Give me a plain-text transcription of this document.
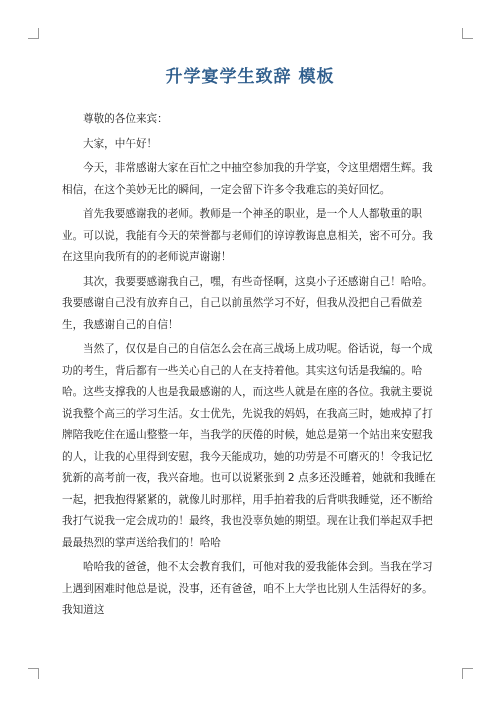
升学宴学生致辞 模板

尊敬的各位来宾：

大家，中午好！

今天，非常感谢大家在百忙之中抽空参加我的升学宴，令这里熠熠生辉。我相信，在这个美妙无比的瞬间，一定会留下许多令我难忘的美好回忆。

首先我要感谢我的老师。教师是一个神圣的职业，是一个人人都敬重的职业。可以说，我能有今天的荣誉都与老师们的谆谆教诲息息相关，密不可分。我在这里向我所有的的老师说声谢谢！

其次，我要要感谢我自己，嘿，有些奇怪啊，这臭小子还感谢自己！哈哈。我要感谢自己没有放弃自己，自己以前虽然学习不好，但我从没把自己看做差生，我感谢自己的自信！

当然了，仅仅是自己的自信怎么会在高三战场上成功呢。俗话说，每一个成功的考生，背后都有一些关心自己的人在支持着他。其实这句话是我编的。哈哈。这些支撑我的人也是我最感谢的人，而这些人就是在座的各位。我就主要说说我整个高三的学习生活。女士优先，先说我的妈妈，在我高三时，她戒掉了打牌陪我吃住在遥山整整一年，当我学的厌倦的时候，她总是第一个站出来安慰我的人，让我的心里得到安慰，我今天能成功，她的功劳是不可磨灭的！令我记忆犹新的高考前一夜，我兴奋地。也可以说紧张到 2 点多还没睡着，她就和我睡在一起，把我抱得紧紧的，就像儿时那样，用手拍着我的后背哄我睡觉，还不断给我打气说我一定会成功的！最终，我也没辜负她的期望。现在让我们举起双手把最最热烈的掌声送给我们的！哈哈

哈哈我的爸爸，他不太会教育我们，可他对我的爱我能体会到。当我在学习上遇到困难时他总是说，没事，还有爸爸，咱不上大学也比别人生活得好的多。我知道这
